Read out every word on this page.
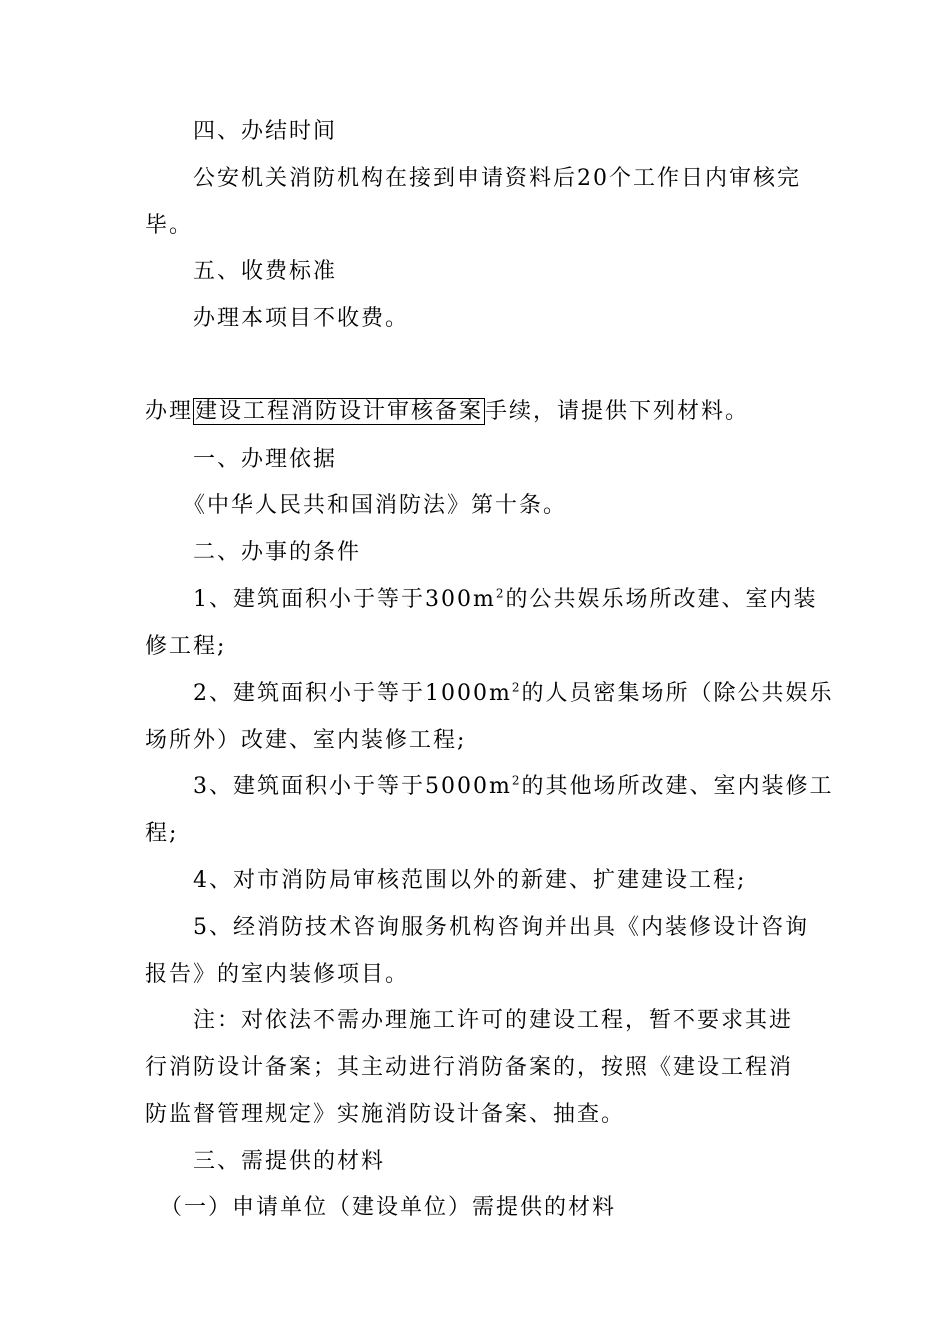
四、办结时间
公安机关消防机构在接到申请资料后20个工作日内审核完
毕。
五、收费标准
办理本项目不收费。
办理建设工程消防设计审核备案手续，请提供下列材料。
一、办理依据
《中华人民共和国消防法》第十条。
二、办事的条件
1、建筑面积小于等于$300m^2$的公共娱乐场所改建、室内装
修工程;
2、建筑面积小于等于$1000m^2$的人员密集场所（除公共娱乐
场所外）改建、室内装修工程;
3、建筑面积小于等于$5000m^2$的其他场所改建、室内装修工
程;
4、对市消防局审核范围以外的新建、扩建建设工程;
5、经消防技术咨询服务机构咨询并出具《内装修设计咨询
报告》的室内装修项目。
注：对依法不需办理施工许可的建设工程，暂不要求其进
行消防设计备案；其主动进行消防备案的，按照《建设工程消
防监督管理规定》实施消防设计备案、抽查。
三、需提供的材料
（一）申请单位（建设单位）需提供的材料
